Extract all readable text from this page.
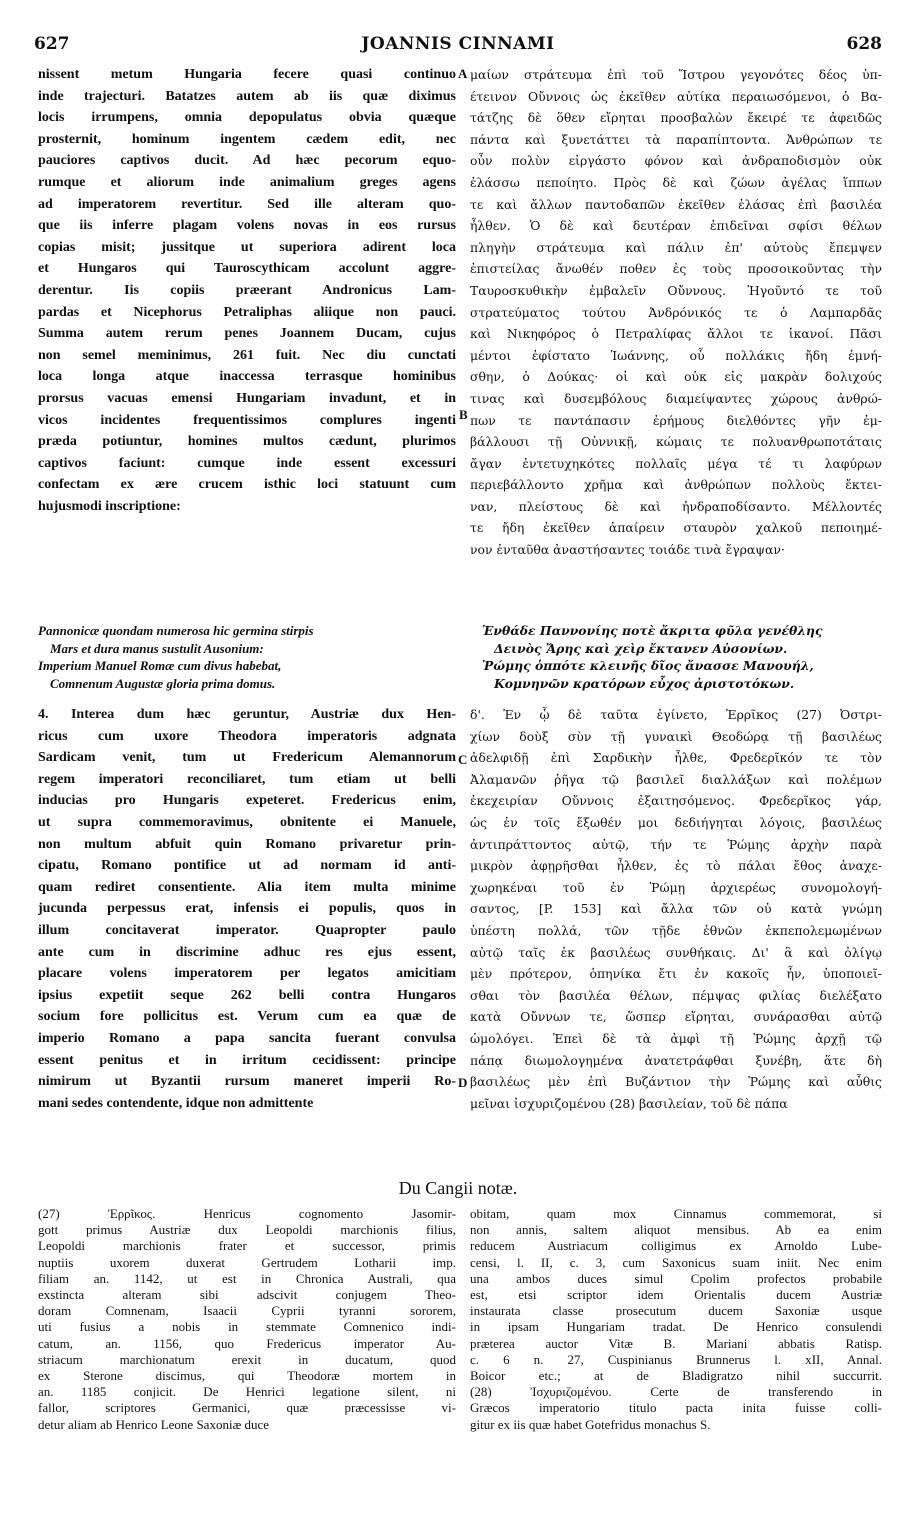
627	JOANNIS CINNAMI	628
nissent metum Hungaria fecere quasi continuo
inde trajecturi. Batatzes autem ab iis quæ diximus
locis irrumpens, omnia depopulatus obvia quæque
prosternit, hominum ingentem cædem edit, nec
pauciores captivos ducit. Ad hæc pecorum equo-
rumque et aliorum inde animalium greges agens
ad imperatorem revertitur. Sed ille alteram quo-
que iis inferre plagam volens novas in eos rursus
copias misit; jussitque ut superiora adirent loca
et Hungaros qui Tauroscythicam accolunt aggre-
derentur. Iis copiis præerant Andronicus Lam-
pardas et Nicephorus Petraliphas aliique non pauci.
Summa autem rerum penes Joannem Ducam, cujus
non semel meminimus, 261 fuit. Nec diu cunctati
loca longa atque inaccessa terrasque hominibus
prorsus vacuas emensi Hungariam invadunt, et in
vicos incidentes frequentissimos complures ingenti
præda potiuntur, homines multos cædunt, plurimos
captivos faciunt: cumque inde essent excessuri
confectam ex ære crucem isthic loci statuunt cum
hujusmodi inscriptione:
μαίων στράτευμα ἐπὶ τοῦ Ἴστρου γεγονότες δέος ὑπ-
έτεινον Οὔννοις ὡς ἐκεῖθεν αὐτίκα περαιωσόμενοι, ὁ Βα-
τάτζης δὲ ὅθεν εἴρηται προσβαλὼν ἔκειρέ τε ἀφειδῶς
πάντα καὶ ξυνετάττει τὰ παραπίπτοντα. Ἀνθρώπων τε
οὖν πολὺν εἰργάστο φόνον καὶ ἀνδραποδισμὸν οὐκ
ἐλάσσω πεποίητο. Πρὸς δὲ καὶ ζώων ἀγέλας ἵππων
τε καὶ ἄλλων παντοδαπῶν ἐκεῖθεν ἐλάσας ἐπὶ βασιλέα
ἦλθεν. Ὁ δὲ καὶ δευτέραν ἐπιδεῖναι σφίσι θέλων
πληγὴν στράτευμα καὶ πάλιν ἐπ' αὐτοὺς ἔπεμψεν
ἐπιστείλας ἄνωθέν ποθεν ἐς τοὺς προσοικοῦντας τὴν
Ταυροσκυθικὴν ἐμβαλεῖν Οὔννους. Ἡγοῦντό τε τοῦ
στρατεύματος τούτου Ἀνδρόνικός τε ὁ Λαμπαρδᾶς
καὶ Νικηφόρος ὁ Πετραλίφας ἄλλοι τε ἱκανοί. Πᾶσι
μέντοι ἐφίστατο Ἰωάννης, οὗ πολλάκις ἤδη ἐμνή-
σθην, ὁ Δούκας· οἱ καὶ οὐκ εἰς μακρὰν δολιχούς
τινας καὶ δυσεμβόλους διαμείψαντες χώρους ἀνθρώ-
πων τε παντάπασιν ἐρήμους διελθόντες γῆν ἐμ-
βάλλουσι τῇ Οὐννικῇ, κώμαις τε πολυανθρωποτάταις
ἄγαν ἐντετυχηκότες πολλαῖς μέγα τέ τι λαφύρων
περιεβάλλοντο χρῆμα καὶ ἀνθρώπων πολλοὺς ἔκτει-
ναν, πλείστους δὲ καὶ ἠνδραποδίσαντο. Μέλλοντές
τε ἤδη ἐκεῖθεν ἀπαίρειν σταυρὸν χαλκοῦ πεποιημέ-
νον ἐνταῦθα ἀναστήσαντες τοιάδε τινὰ ἔγραψαν·
A
B
C
D
Pannonicæ quondam numerosa hic germina stirpis
Mars et dura manus sustulit Ausonium:
Imperium Manuel Romæ cum divus habebat,
Comnenum Augustæ gloria prima domus.
Ἐνθάδε Παννονίης ποτὲ ἄκριτα φῦλα γενέθλης
Δεινὸς Ἄρης καὶ χεὶρ ἔκτανεν Αὐσονίων.
Ῥώμης ὁππότε κλεινῆς δῖος ἄνασσε Μανουήλ,
Κομνηνῶν κρατόρων εὖχος ἀριστοτόκων.
4. Interea dum hæc geruntur, Austriæ dux Hen-
ricus cum uxore Theodora imperatoris adgnata
Sardicam venit, tum ut Fredericum Alemannorum
regem imperatori reconciliaret, tum etiam ut belli
inducias pro Hungaris expeteret. Fredericus enim,
ut supra commemoravimus, obnitente ei Manuele,
non multum abfuit quin Romano privaretur prin-
cipatu, Romano pontifice ut ad normam id anti-
quam rediret consentiente. Alia item multa minime
jucunda perpessus erat, infensis ei populis, quos in
illum concitaverat imperator. Quapropter paulo
ante cum in discrimine adhuc res ejus essent,
placare volens imperatorem per legatos amicitiam
ipsius expetiit seque 262 belli contra Hungaros
socium fore pollicitus est. Verum cum ea quæ de
imperio Romano a papa sancita fuerant convulsa
essent penitus et in irritum cecidissent: principe
nimirum ut Byzantii rursum maneret imperii Ro-
mani sedes contendente, idque non admittente
δ'. Ἐν ᾧ δὲ ταῦτα ἐγίνετο, Ἐρρῖκος (27) Ὀστρι-
χίων δοὺξ σὺν τῇ γυναικὶ Θεοδώρᾳ τῇ βασιλέως
ἀδελφιδῇ ἐπὶ Σαρδικὴν ἦλθε, Φρεδερῖκόν τε τὸν
Ἀλαμανῶν ῥῆγα τῷ βασιλεῖ διαλλάξων καὶ πολέμων
ἐκεχειρίαν Οὔννοις ἐξαιτησόμενος. Φρεδερῖκος γάρ,
ὡς ἐν τοῖς ἔξωθέν μοι δεδιήγηται λόγοις, βασιλέως
ἀντιπράττοντος αὐτῷ, τήν τε Ῥώμης ἀρχὴν παρὰ
μικρὸν ἀφῃρῆσθαι ἦλθεν, ἐς τὸ πάλαι ἔθος ἀναχε-
χωρηκέναι τοῦ ἐν Ῥώμῃ ἀρχιερέως συνομολογή-
σαντος, [P. 153] καὶ ἄλλα τῶν οὐ κατὰ γνώμη
ὑπέστη πολλά, τῶν τῇδε ἐθνῶν ἐκπεπολεμωμένων
αὐτῷ ταῖς ἐκ βασιλέως συνθήκαις. Δι' ἃ καὶ ὀλίγῳ
μὲν πρότερον, ὁπηνίκα ἔτι ἐν κακοῖς ἦν, ὑποποιεῖ-
σθαι τὸν βασιλέα θέλων, πέμψας φιλίας διελέξατο
κατὰ Οὔννων τε, ὥσπερ εἴρηται, συνάρασθαι αὐτῷ
ὡμολόγει. Ἐπεὶ δὲ τὰ ἀμφὶ τῇ Ῥώμης ἀρχῇ τῷ
πάπᾳ διωμολογημένα ἀνατετράφθαι ξυνέβη, ἅτε δὴ
βασιλέως μὲν ἐπὶ Βυζάντιον τὴν Ῥώμης καὶ αὖθις
μεῖναι ἰσχυριζομένου (28) βασιλείαν, τοῦ δὲ πάπα
Du Cangii notæ.
(27) Ἐρρῖκος. Henricus cognomento Jasomir-
gott primus Austriæ dux Leopoldi marchionis filius,
Leopoldi marchionis frater et successor, primis
nuptiis uxorem duxerat Gertrudem Lotharii imp.
filiam an. 1142, ut est in Chronica Australi, qua
exstincta alteram sibi adscivit conjugem Theo-
doram Comnenam, Isaacii Cyprii tyranni sororem,
uti fusius a nobis in stemmate Comnenico indi-
catum, an. 1156, quo Fredericus imperator Au-
striacum marchionatum erexit in ducatum, quod
ex Sterone discimus, qui Theodoræ mortem in
an. 1185 conjicit. De Henrici legatione silent, ni
fallor, scriptores Germanici, quæ præcessisse vi-
detur aliam ab Henrico Leone Saxoniæ duce
obitam, quam mox Cinnamus commemorat, si
non annis, saltem aliquot mensibus. Ab ea enim
reducem Austriacum colligimus ex Arnoldo Lube-
censi, l. II, c. 3, cum Saxonicus suam iniit. Nec enim
una ambos duces simul Cpolim profectos probabile
est, etsi scriptor idem Orientalis ducem Austriæ
instaurata classe prosecutum ducem Saxoniæ usque
in ipsam Hungariam tradat. De Henrico consulendi
præterea auctor Vitæ B. Mariani abbatis Ratisp.
c. 6 n. 27, Cuspinianus Brunnerus l. xII, Annal.
Boicor etc.; at de Bladigratzo nihil succurrit.
(28) Ἰσχυριζομένου. Certe de transferendo in
Græcos imperatorio titulo pacta inita fuisse colli-
gitur ex iis quæ habet Gotefridus monachus S.
